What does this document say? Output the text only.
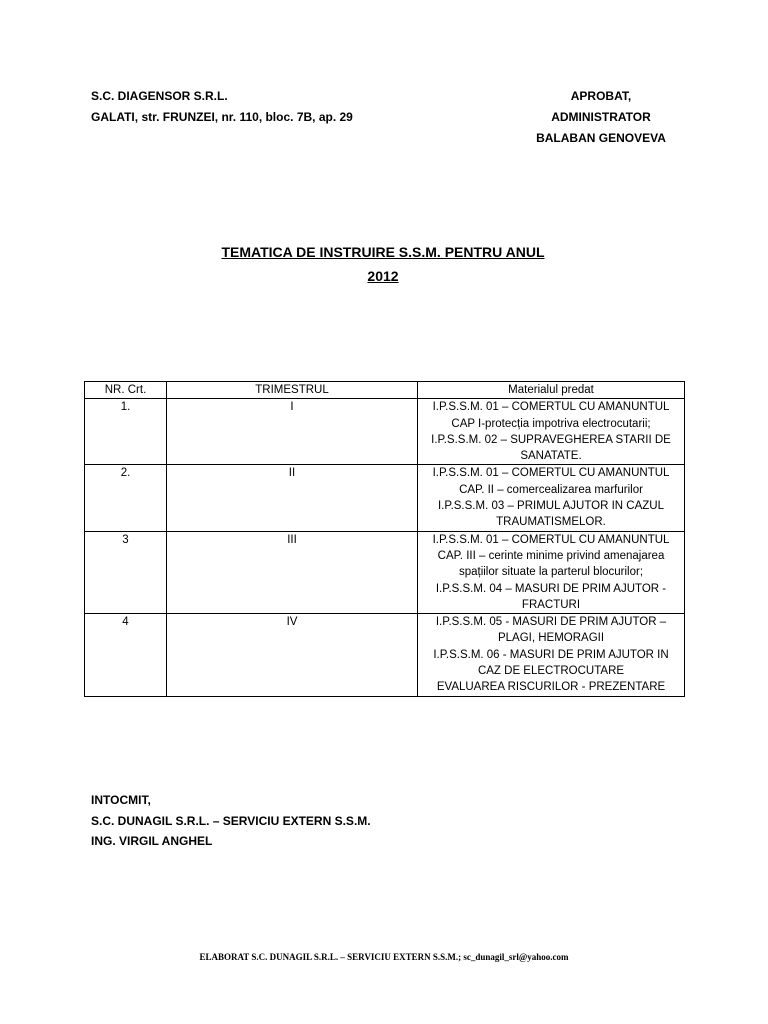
S.C. DIAGENSOR S.R.L.
GALATI, str. FRUNZEI, nr. 110, bloc. 7B, ap. 29
APROBAT,
ADMINISTRATOR
BALABAN GENOVEVA
TEMATICA DE INSTRUIRE S.S.M. PENTRU ANUL
2012
NR. Crt.	TRIMESTRUL	Materialul predat
1.	I	I.P.S.S.M. 01 – COMERTUL CU AMANUNTUL
CAP I-protecția impotriva electrocutarii;
I.P.S.S.M. 02 – SUPRAVEGHEREA STARII DE
SANATATE.

2.	II	I.P.S.S.M. 01 – COMERTUL CU AMANUNTUL
CAP. II – comercealizarea marfurilor
I.P.S.S.M. 03 – PRIMUL AJUTOR IN CAZUL
TRAUMATISMELOR.

3	III	I.P.S.S.M. 01 – COMERTUL CU AMANUNTUL
CAP. III – cerinte minime privind amenajarea
spațiilor situate la parterul blocurilor;
I.P.S.S.M. 04 – MASURI DE PRIM AJUTOR -
FRACTURI

4	IV	I.P.S.S.M. 05 - MASURI DE PRIM AJUTOR –
PLAGI, HEMORAGII
I.P.S.S.M. 06 - MASURI DE PRIM AJUTOR IN
CAZ DE ELECTROCUTARE
EVALUAREA RISCURILOR - PREZENTARE
INTOCMIT,
S.C. DUNAGIL S.R.L. – SERVICIU EXTERN S.S.M.
ING. VIRGIL ANGHEL
ELABORAT S.C. DUNAGIL S.R.L. – SERVICIU EXTERN S.S.M.; sc_dunagil_srl@yahoo.com
